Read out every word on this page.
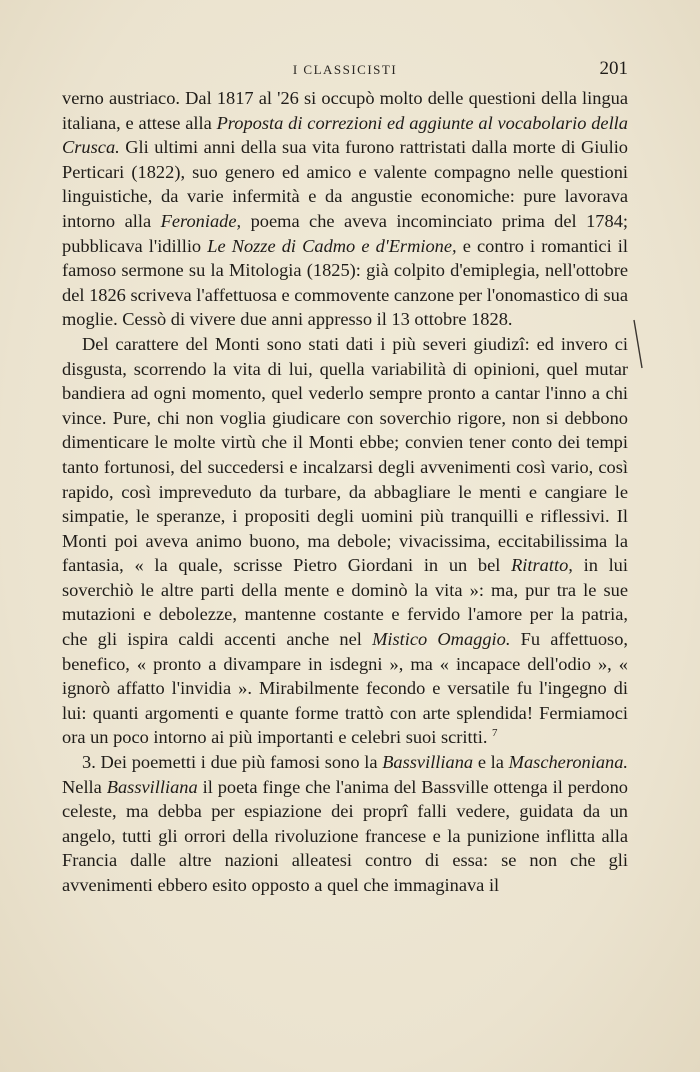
I CLASSICISTI	201

verno austriaco. Dal 1817 al '26 si occupò molto delle questioni della lingua italiana, e attese alla Proposta di correzioni ed aggiunte al vocabolario della Crusca. Gli ultimi anni della sua vita furono rattristati dalla morte di Giulio Perticari (1822), suo genero ed amico e valente compagno nelle questioni linguistiche, da varie infermità e da angustie economiche: pure lavorava intorno alla Feroniade, poema che aveva incominciato prima del 1784; pubblicava l'idillio Le Nozze di Cadmo e d'Ermione, e contro i romantici il famoso sermone su la Mitologia (1825): già colpito d'emiplegia, nell'ottobre del 1826 scriveva l'affettuosa e commovente canzone per l'onomastico di sua moglie. Cessò di vivere due anni appresso il 13 ottobre 1828.

Del carattere del Monti sono stati dati i più severi giudizî: ed invero ci disgusta, scorrendo la vita di lui, quella variabilità di opinioni, quel mutar bandiera ad ogni momento, quel vederlo sempre pronto a cantar l'inno a chi vince. Pure, chi non voglia giudicare con soverchio rigore, non si debbono dimenticare le molte virtù che il Monti ebbe; convien tener conto dei tempi tanto fortunosi, del succedersi e incalzarsi degli avvenimenti così vario, così rapido, così impreveduto da turbare, da abbagliare le menti e cangiare le simpatie, le speranze, i propositi degli uomini più tranquilli e riflessivi. Il Monti poi aveva animo buono, ma debole; vivacissima, eccitabilissima la fantasia, « la quale, scrisse Pietro Giordani in un bel Ritratto, in lui soverchiò le altre parti della mente e dominò la vita »: ma, pur tra le sue mutazioni e debolezze, mantenne costante e fervido l'amore per la patria, che gli ispira caldi accenti anche nel Mistico Omaggio. Fu affettuoso, benefico, « pronto a divampare in isdegni », ma « incapace dell'odio », « ignorò affatto l'invidia ». Mirabilmente fecondo e versatile fu l'ingegno di lui: quanti argomenti e quante forme trattò con arte splendida! Fermiamoci ora un poco intorno ai più importanti e celebri suoi scritti. $^7$

3. Dei poemetti i due più famosi sono la Bassvilliana e la Mascheroniana. Nella Bassvilliana il poeta finge che l'anima del Bassville ottenga il perdono celeste, ma debba per espiazione dei proprî falli vedere, guidata da un angelo, tutti gli orrori della rivoluzione francese e la punizione inflitta alla Francia dalle altre nazioni alleatesi contro di essa: se non che gli avvenimenti ebbero esito opposto a quel che immaginava il
